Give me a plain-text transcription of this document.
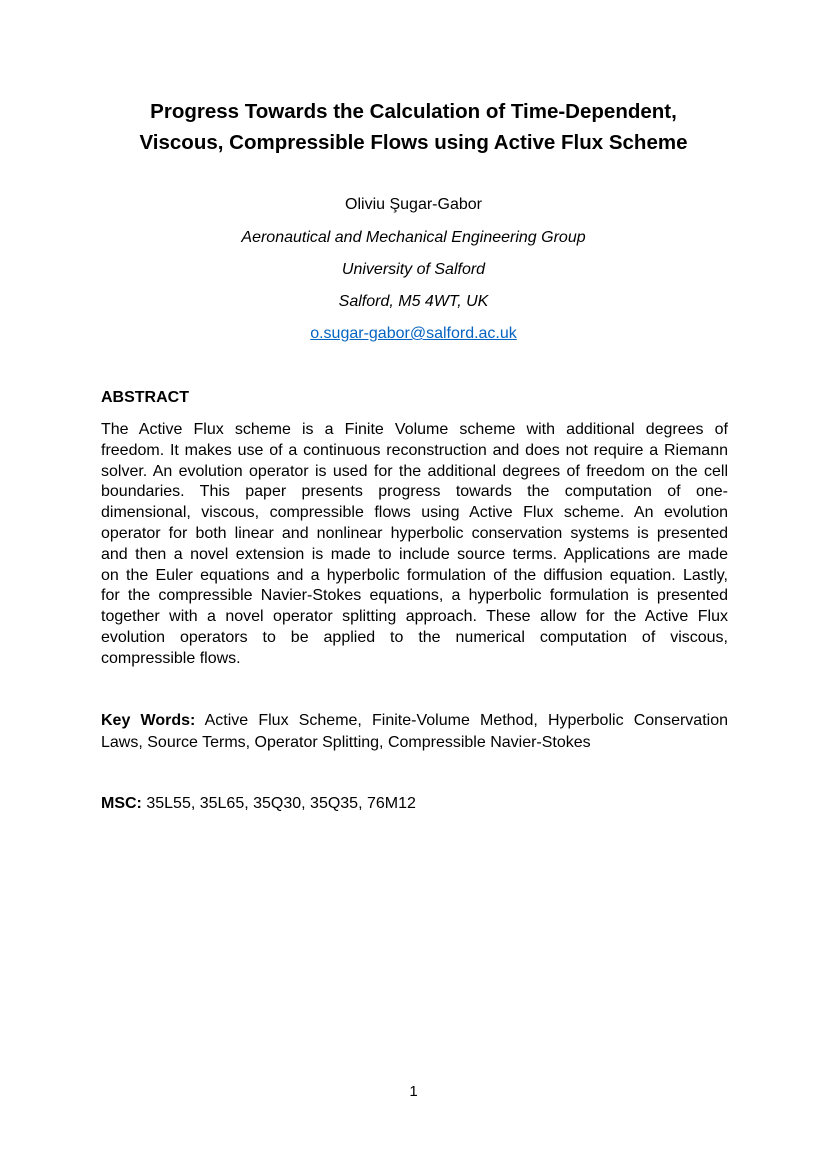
Progress Towards the Calculation of Time-Dependent,
Viscous, Compressible Flows using Active Flux Scheme
Oliviu Şugar-Gabor
Aeronautical and Mechanical Engineering Group
University of Salford
Salford, M5 4WT, UK
o.sugar-gabor@salford.ac.uk
ABSTRACT
The Active Flux scheme is a Finite Volume scheme with additional degrees of
freedom. It makes use of a continuous reconstruction and does not require a Riemann
solver. An evolution operator is used for the additional degrees of freedom on the cell
boundaries. This paper presents progress towards the computation of one-
dimensional, viscous, compressible flows using Active Flux scheme. An evolution
operator for both linear and nonlinear hyperbolic conservation systems is presented
and then a novel extension is made to include source terms. Applications are made
on the Euler equations and a hyperbolic formulation of the diffusion equation. Lastly,
for the compressible Navier-Stokes equations, a hyperbolic formulation is presented
together with a novel operator splitting approach. These allow for the Active Flux
evolution operators to be applied to the numerical computation of viscous,
compressible flows.
Key Words: Active Flux Scheme, Finite-Volume Method, Hyperbolic Conservation
Laws, Source Terms, Operator Splitting, Compressible Navier-Stokes
MSC: 35L55, 35L65, 35Q30, 35Q35, 76M12
1
